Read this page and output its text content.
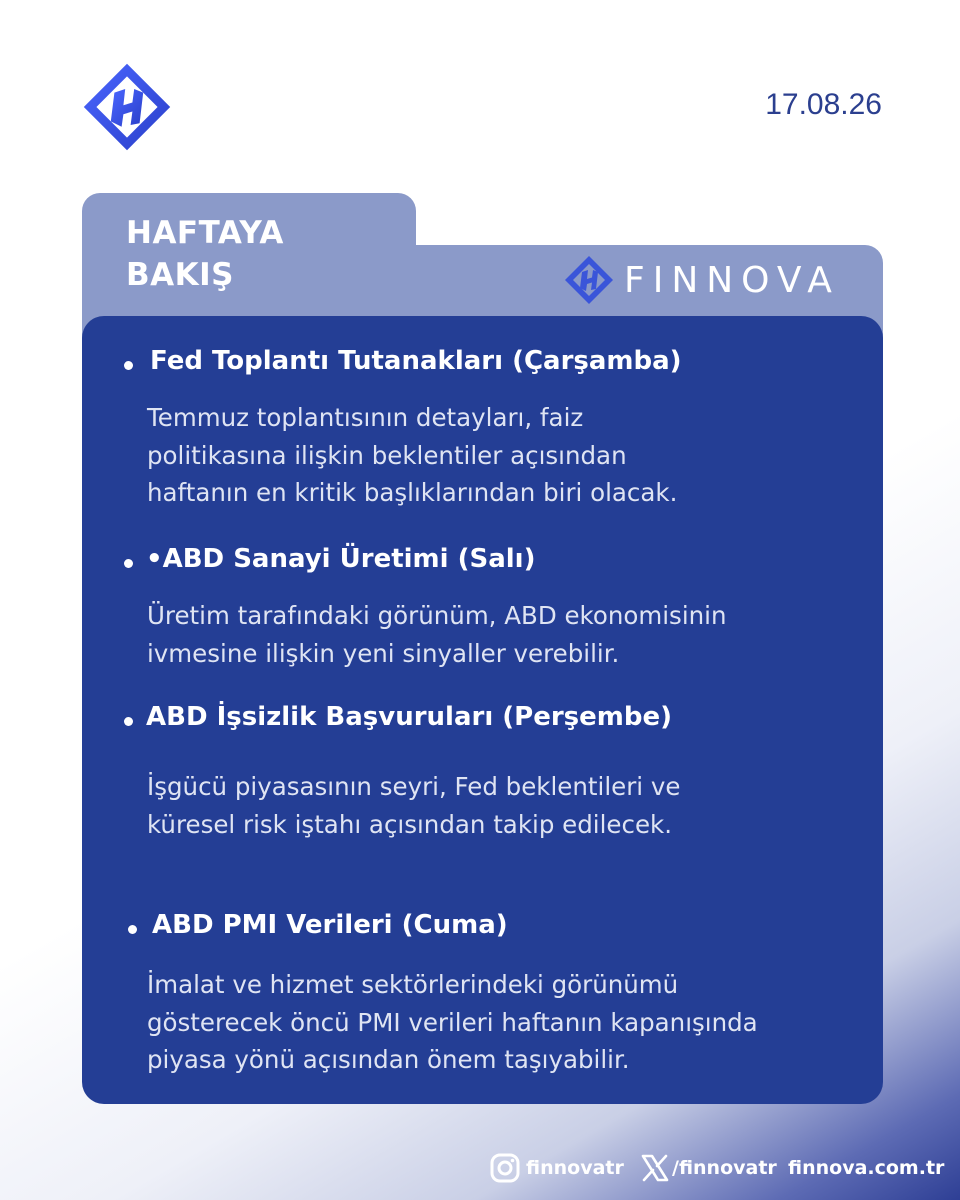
17.08.26
HAFTAYA
BAKIŞ	FINNOVA
Fed Toplantı Tutanakları (Çarşamba)
Temmuz toplantısının detayları, faiz
politikasına ilişkin beklentiler açısından
haftanın en kritik başlıklarından biri olacak.
•ABD Sanayi Üretimi (Salı)
Üretim tarafındaki görünüm, ABD ekonomisinin
ivmesine ilişkin yeni sinyaller verebilir.
ABD İşsizlik Başvuruları (Perşembe)
İşgücü piyasasının seyri, Fed beklentileri ve
küresel risk iştahı açısından takip edilecek.
ABD PMI Verileri (Cuma)
İmalat ve hizmet sektörlerindeki görünümü
gösterecek öncü PMI verileri haftanın kapanışında
piyasa yönü açısından önem taşıyabilir.
finnovatr	/finnovatr finnova.com.tr
